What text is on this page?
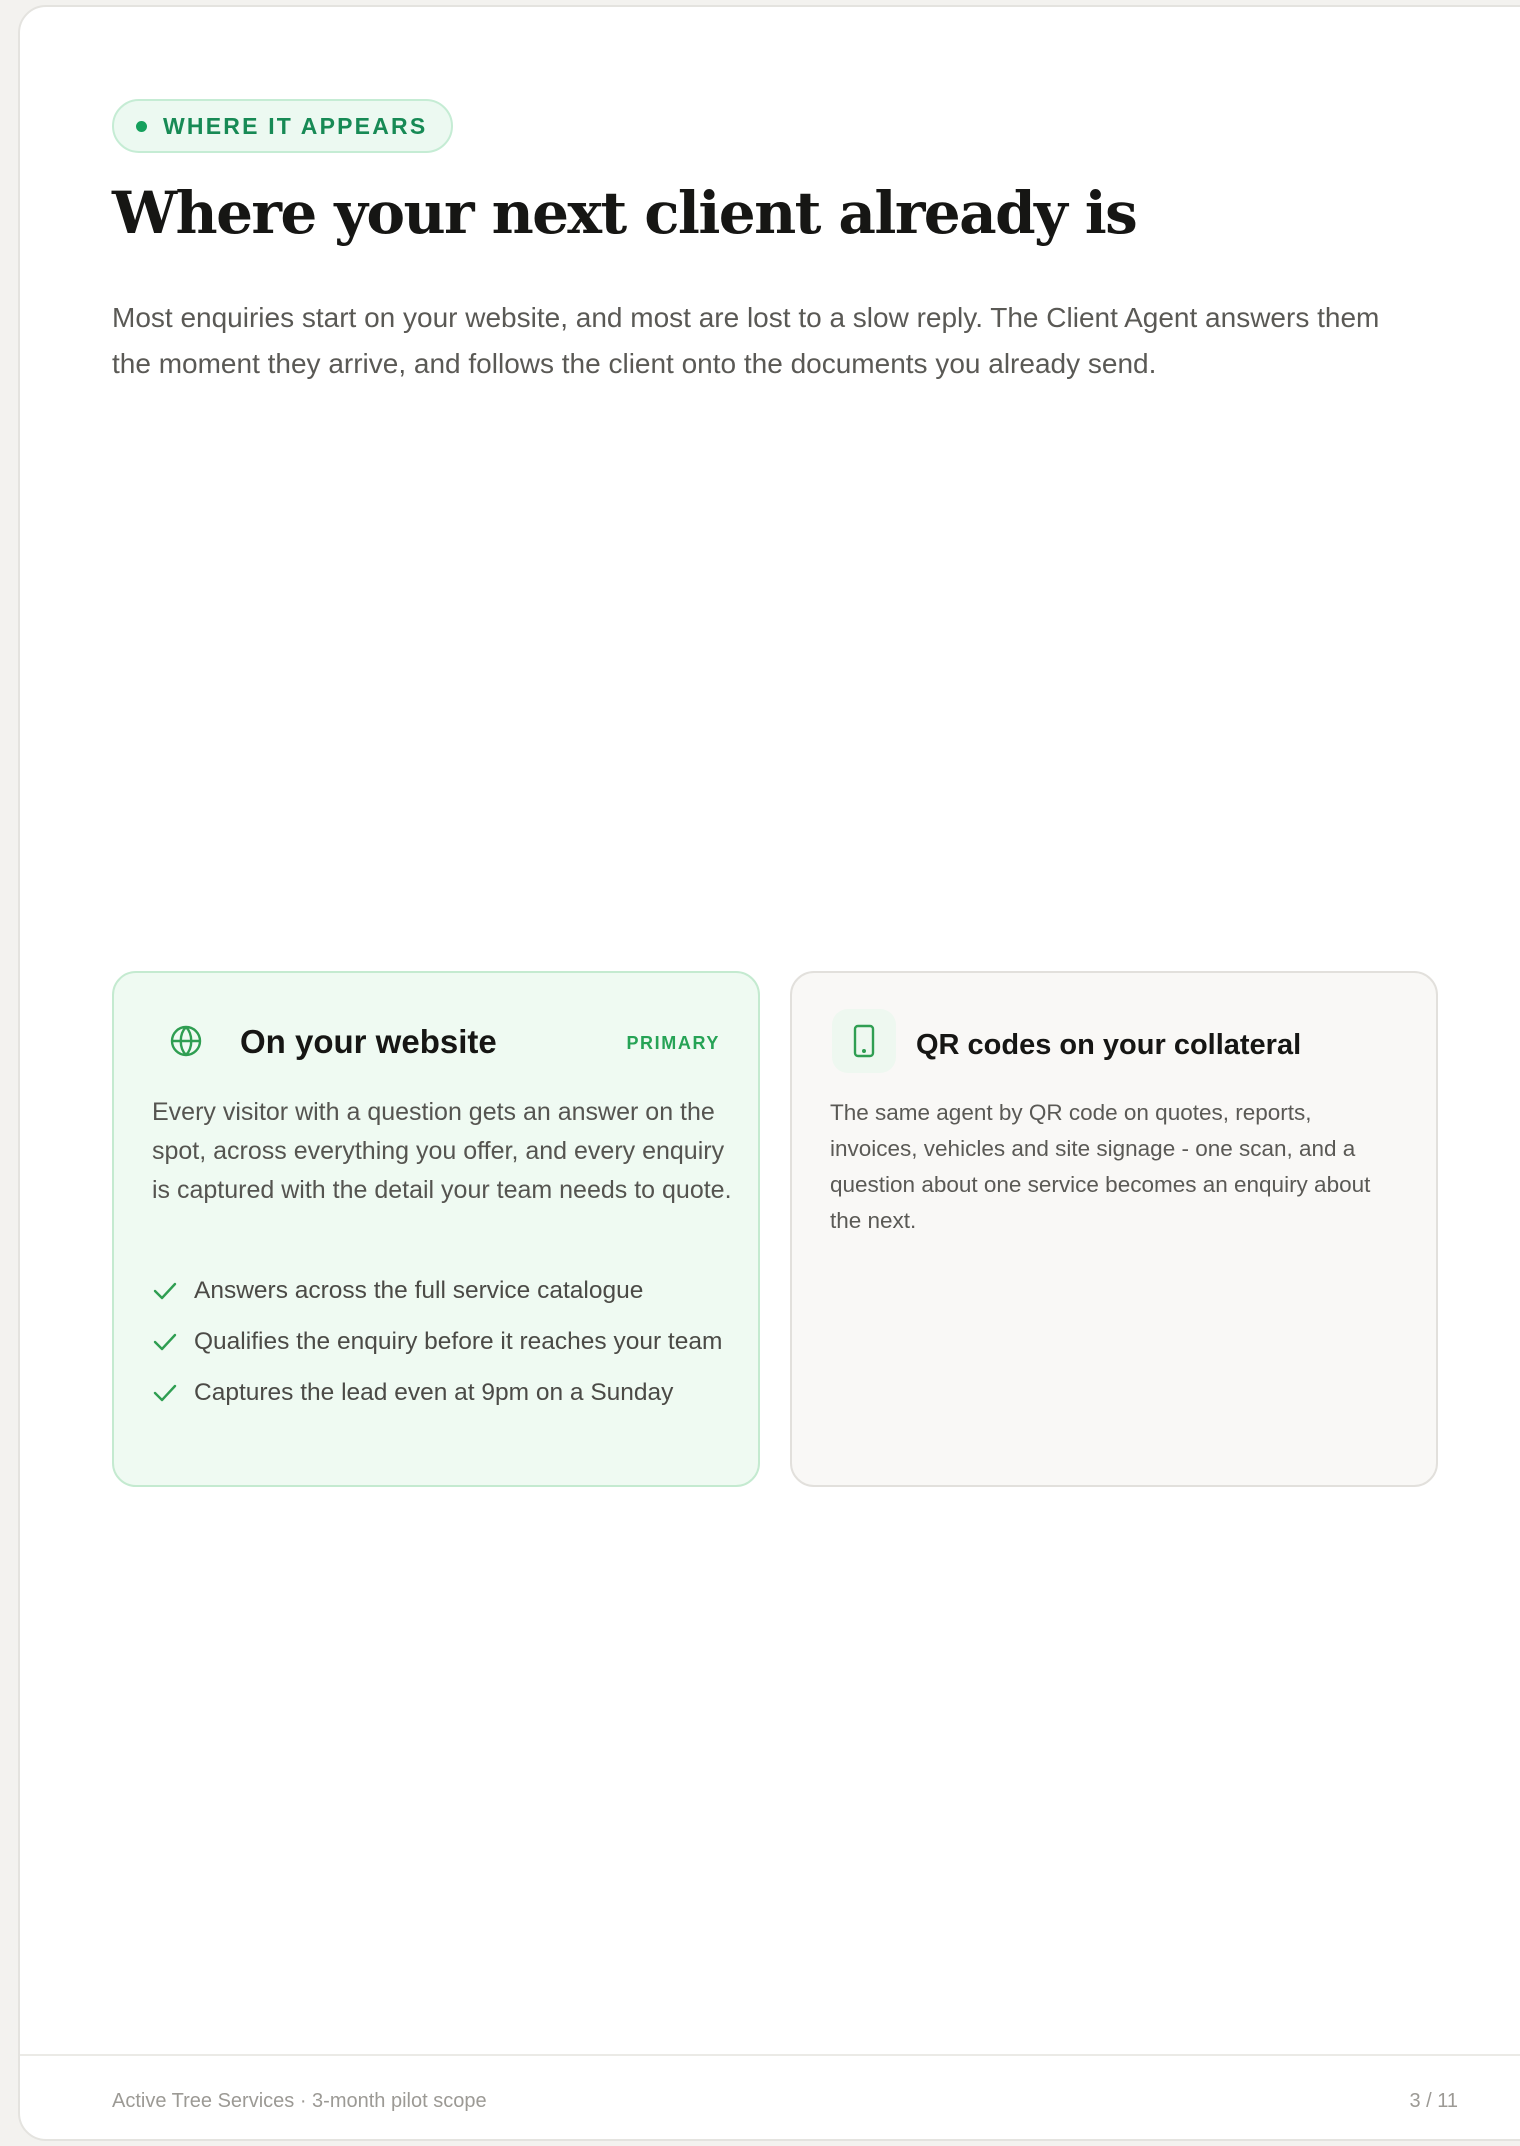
WHERE IT APPEARS
Where your next client already is

Most enquiries start on your website, and most are lost to a slow reply. The Client Agent answers them the moment they arrive, and follows the client onto the documents you already send.

On your website	PRIMARY

Every visitor with a question gets an answer on the spot, across everything you offer, and every enquiry is captured with the detail your team needs to quote.

Answers across the full service catalogue
Qualifies the enquiry before it reaches your team
Captures the lead even at 9pm on a Sunday
QR codes on your collateral

The same agent by QR code on quotes, reports, invoices, vehicles and site signage - one scan, and a question about one service becomes an enquiry about the next.

Active Tree Services · 3-month pilot scope	3 / 11
